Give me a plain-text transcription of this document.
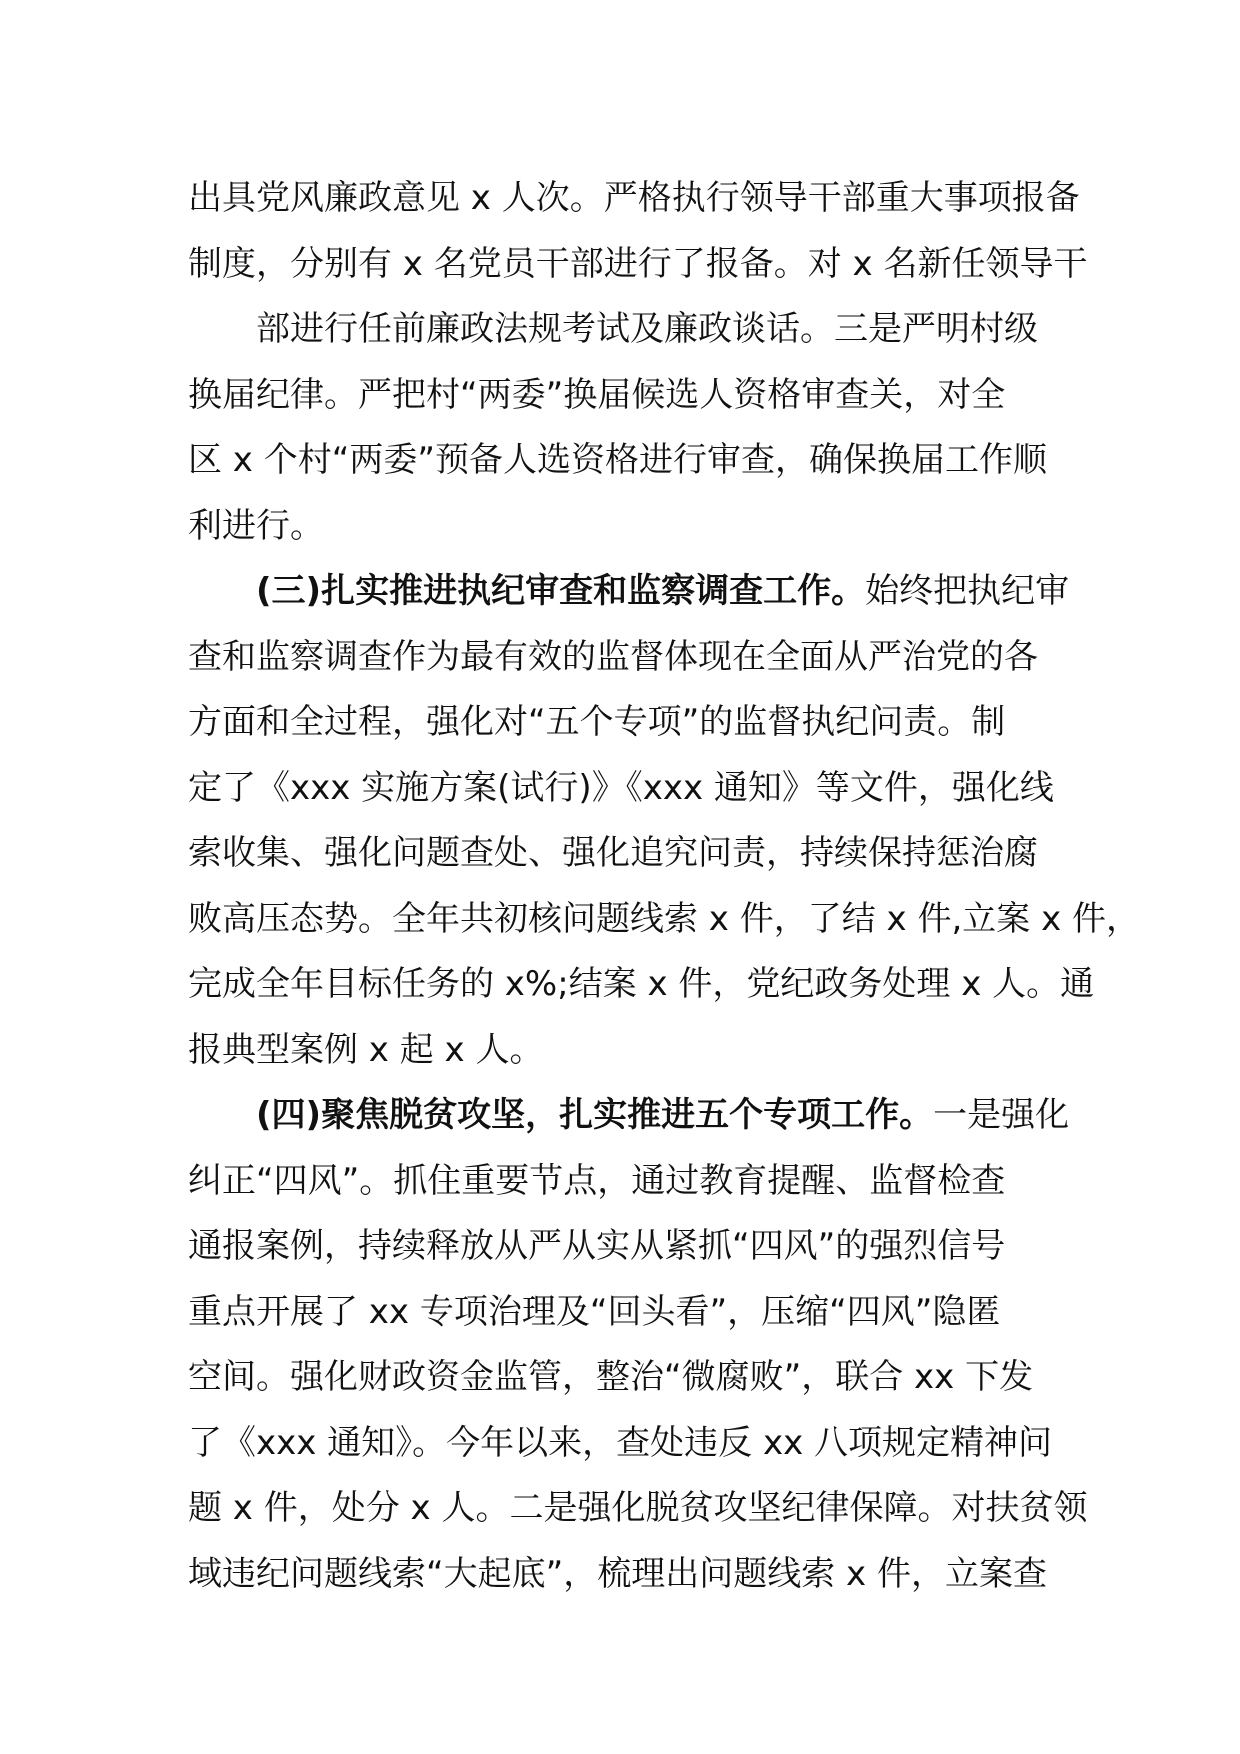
出具党风廉政意见 x 人次。严格执行领导干部重大事项报备
制度，分别有 x 名党员干部进行了报备。对 x 名新任领导干
部进行任前廉政法规考试及廉政谈话。三是严明村级
换届纪律。严把村“两委”换届候选人资格审查关，对全
区 x 个村“两委”预备人选资格进行审查，确保换届工作顺
利进行。
(三)扎实推进执纪审查和监察调查工作。始终把执纪审
查和监察调查作为最有效的监督体现在全面从严治党的各
方面和全过程，强化对“五个专项”的监督执纪问责。制
定了《xxx 实施方案(试行)》《xxx 通知》等文件，强化线
索收集、强化问题查处、强化追究问责，持续保持惩治腐
败高压态势。全年共初核问题线索 x 件，了结 x 件,立案 x 件，
完成全年目标任务的 x%;结案 x 件，党纪政务处理 x 人。通
报典型案例 x 起 x 人。
(四)聚焦脱贫攻坚，扎实推进五个专项工作。一是强化
纠正“四风”。抓住重要节点，通过教育提醒、监督检查
通报案例，持续释放从严从实从紧抓“四风”的强烈信号
重点开展了 xx 专项治理及“回头看”，压缩“四风”隐匿
空间。强化财政资金监管，整治“微腐败”，联合 xx 下发
了《xxx 通知》。今年以来，查处违反 xx 八项规定精神问
题 x 件，处分 x 人。二是强化脱贫攻坚纪律保障。对扶贫领
域违纪问题线索“大起底”，梳理出问题线索 x 件，立案查
